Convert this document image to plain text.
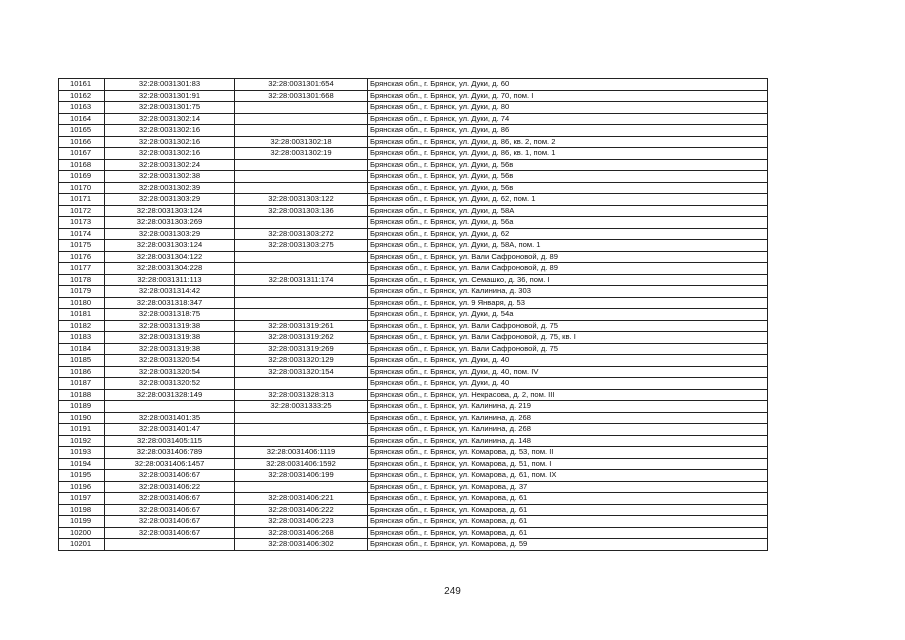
10161	32:28:0031301:83	32:28:0031301:654	Брянская обл., г. Брянск, ул. Дуки, д. 60
10162	32:28:0031301:91	32:28:0031301:668	Брянская обл., г. Брянск, ул. Дуки, д. 70, пом. I
10163	32:28:0031301:75		Брянская обл., г. Брянск, ул. Дуки, д. 80
10164	32:28:0031302:14		Брянская обл., г. Брянск, ул. Дуки, д. 74
10165	32:28:0031302:16		Брянская обл., г. Брянск, ул. Дуки, д. 86
10166	32:28:0031302:16	32:28:0031302:18	Брянская обл., г. Брянск, ул. Дуки, д. 86, кв. 2, пом. 2
10167	32:28:0031302:16	32:28:0031302:19	Брянская обл., г. Брянск, ул. Дуки, д. 86, кв. 1, пом. 1
10168	32:28:0031302:24		Брянская обл., г. Брянск, ул. Дуки, д. 56в
10169	32:28:0031302:38		Брянская обл., г. Брянск, ул. Дуки, д. 56в
10170	32:28:0031302:39		Брянская обл., г. Брянск, ул. Дуки, д. 56в
10171	32:28:0031303:29	32:28:0031303:122	Брянская обл., г. Брянск, ул. Дуки, д. 62, пом. 1
10172	32:28:0031303:124	32:28:0031303:136	Брянская обл., г. Брянск, ул. Дуки, д. 58А
10173	32:28:0031303:269		Брянская обл., г. Брянск, ул. Дуки, д. 56а
10174	32:28:0031303:29	32:28:0031303:272	Брянская обл., г. Брянск, ул. Дуки, д. 62
10175	32:28:0031303:124	32:28:0031303:275	Брянская обл., г. Брянск, ул. Дуки, д. 58А, пом. 1
10176	32:28:0031304:122		Брянская обл., г. Брянск, ул. Вали Сафроновой, д. 89
10177	32:28:0031304:228		Брянская обл., г. Брянск, ул. Вали Сафроновой, д. 89
10178	32:28:0031311:113	32:28:0031311:174	Брянская обл., г. Брянск, ул. Семашко, д. 36, пом. I
10179	32:28:0031314:42		Брянская обл., г. Брянск, ул. Калинина, д. 303
10180	32:28:0031318:347		Брянская обл., г. Брянск, ул. 9 Января, д. 53
10181	32:28:0031318:75		Брянская обл., г. Брянск, ул. Дуки, д. 54а
10182	32:28:0031319:38	32:28:0031319:261	Брянская обл., г. Брянск, ул. Вали Сафроновой, д. 75
10183	32:28:0031319:38	32:28:0031319:262	Брянская обл., г. Брянск, ул. Вали Сафроновой, д. 75, кв. I
10184	32:28:0031319:38	32:28:0031319:269	Брянская обл., г. Брянск, ул. Вали Сафроновой, д. 75
10185	32:28:0031320:54	32:28:0031320:129	Брянская обл., г. Брянск, ул. Дуки, д. 40
10186	32:28:0031320:54	32:28:0031320:154	Брянская обл., г. Брянск, ул. Дуки, д. 40, пом. IV
10187	32:28:0031320:52		Брянская обл., г. Брянск, ул. Дуки, д. 40
10188	32:28:0031328:149	32:28:0031328:313	Брянская обл., г. Брянск, ул. Некрасова, д. 2, пом. III
10189		32:28:0031333:25	Брянская обл., г. Брянск, ул. Калинина, д. 219
10190	32:28:0031401:35		Брянская обл., г. Брянск, ул. Калинина, д. 268
10191	32:28:0031401:47		Брянская обл., г. Брянск, ул. Калинина, д. 268
10192	32:28:0031405:115		Брянская обл., г. Брянск, ул. Калинина, д. 148
10193	32:28:0031406:789	32:28:0031406:1119	Брянская обл., г. Брянск, ул. Комарова, д. 53, пом. II
10194	32:28:0031406:1457	32:28:0031406:1592	Брянская обл., г. Брянск, ул. Комарова, д. 51, пом. I
10195	32:28:0031406:67	32:28:0031406:199	Брянская обл., г. Брянск, ул. Комарова, д. 61, пом. IX
10196	32:28:0031406:22		Брянская обл., г. Брянск, ул. Комарова, д. 37
10197	32:28:0031406:67	32:28:0031406:221	Брянская обл., г. Брянск, ул. Комарова, д. 61
10198	32:28:0031406:67	32:28:0031406:222	Брянская обл., г. Брянск, ул. Комарова, д. 61
10199	32:28:0031406:67	32:28:0031406:223	Брянская обл., г. Брянск, ул. Комарова, д. 61
10200	32:28:0031406:67	32:28:0031406:268	Брянская обл., г. Брянск, ул. Комарова, д. 61
10201		32:28:0031406:302	Брянская обл., г. Брянск, ул. Комарова, д. 59
249
